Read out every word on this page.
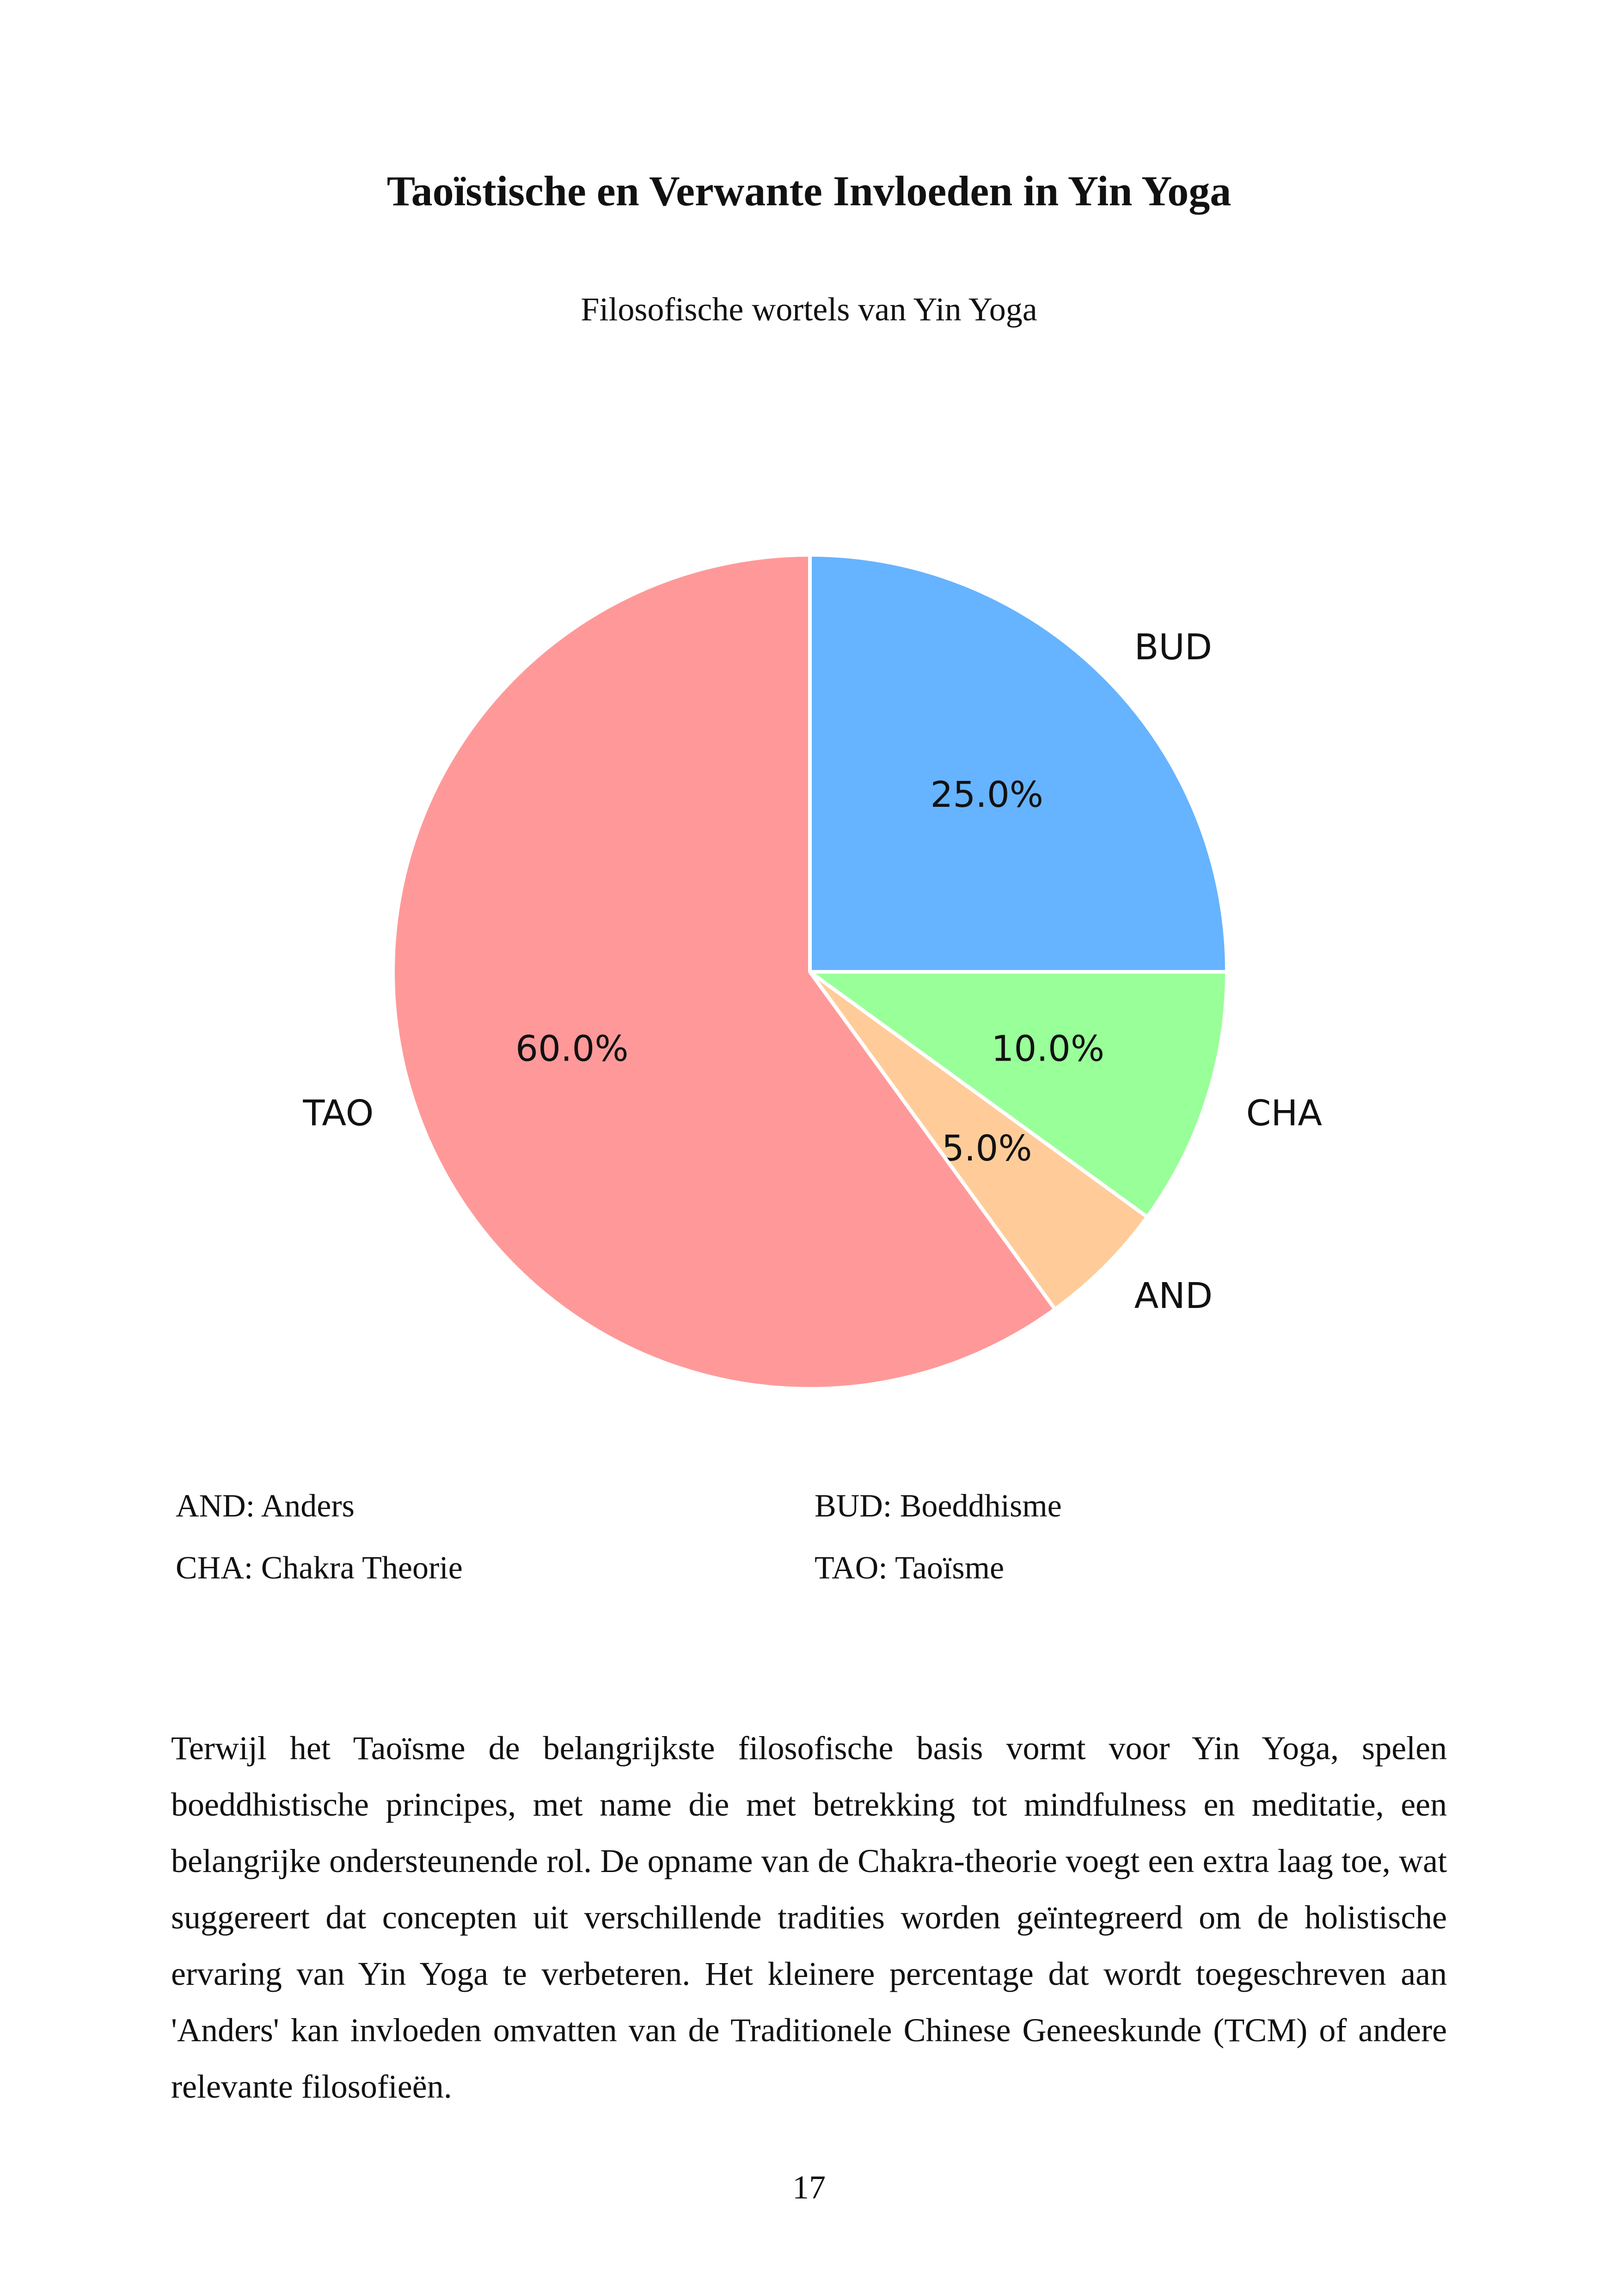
Taoïstische en Verwante Invloeden in Yin Yoga
Filosofische wortels van Yin Yoga
BUD
25.0%
CHA
10.0%
AND
5.0%
TAO
60.0%
AND: Anders	BUD: Boeddhisme
CHA: Chakra Theorie	TAO: Taoïsme

Terwijl het Taoïsme de belangrijkste filosofische basis vormt voor Yin Yoga, spelen boeddhistische principes, met name die met betrekking tot mindfulness en meditatie, een belangrijke ondersteunende rol. De opname van de Chakra-theorie voegt een extra laag toe, wat suggereert dat concepten uit verschillende tradities worden geïntegreerd om de holistische ervaring van Yin Yoga te verbeteren. Het kleinere percentage dat wordt toegeschreven aan 'Anders' kan invloeden omvatten van de Traditionele Chinese Geneeskunde (TCM) of andere relevante filosofieën.

17
